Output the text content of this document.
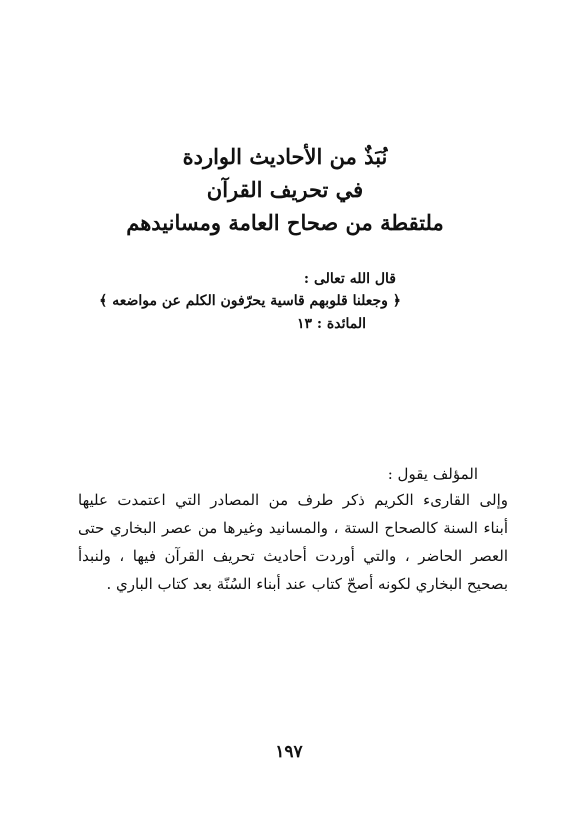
نُبَذٌ من الأحاديث الواردة
في تحريف القرآن
ملتقطة من صحاح العامة ومسانيدهم
قال الله تعالى :
﴿ وجعلنا قلوبهم قاسية يحرّفون الكلم عن مواضعه ﴾
المائدة : ١٣
المؤلف يقول :
وإلى القارىء الكريم ذكر طرف من المصادر التي اعتمدت عليها
أبناء السنة كالصحاح الستة ، والمسانيد وغيرها من عصر البخاري حتى
العصر الحاضر ، والتي أوردت أحاديث تحريف القرآن فيها ، ولنبدأ
بصحيح البخاري لكونه أصحّ كتاب عند أبناء السُنّة بعد كتاب الباري .
١٩٧
